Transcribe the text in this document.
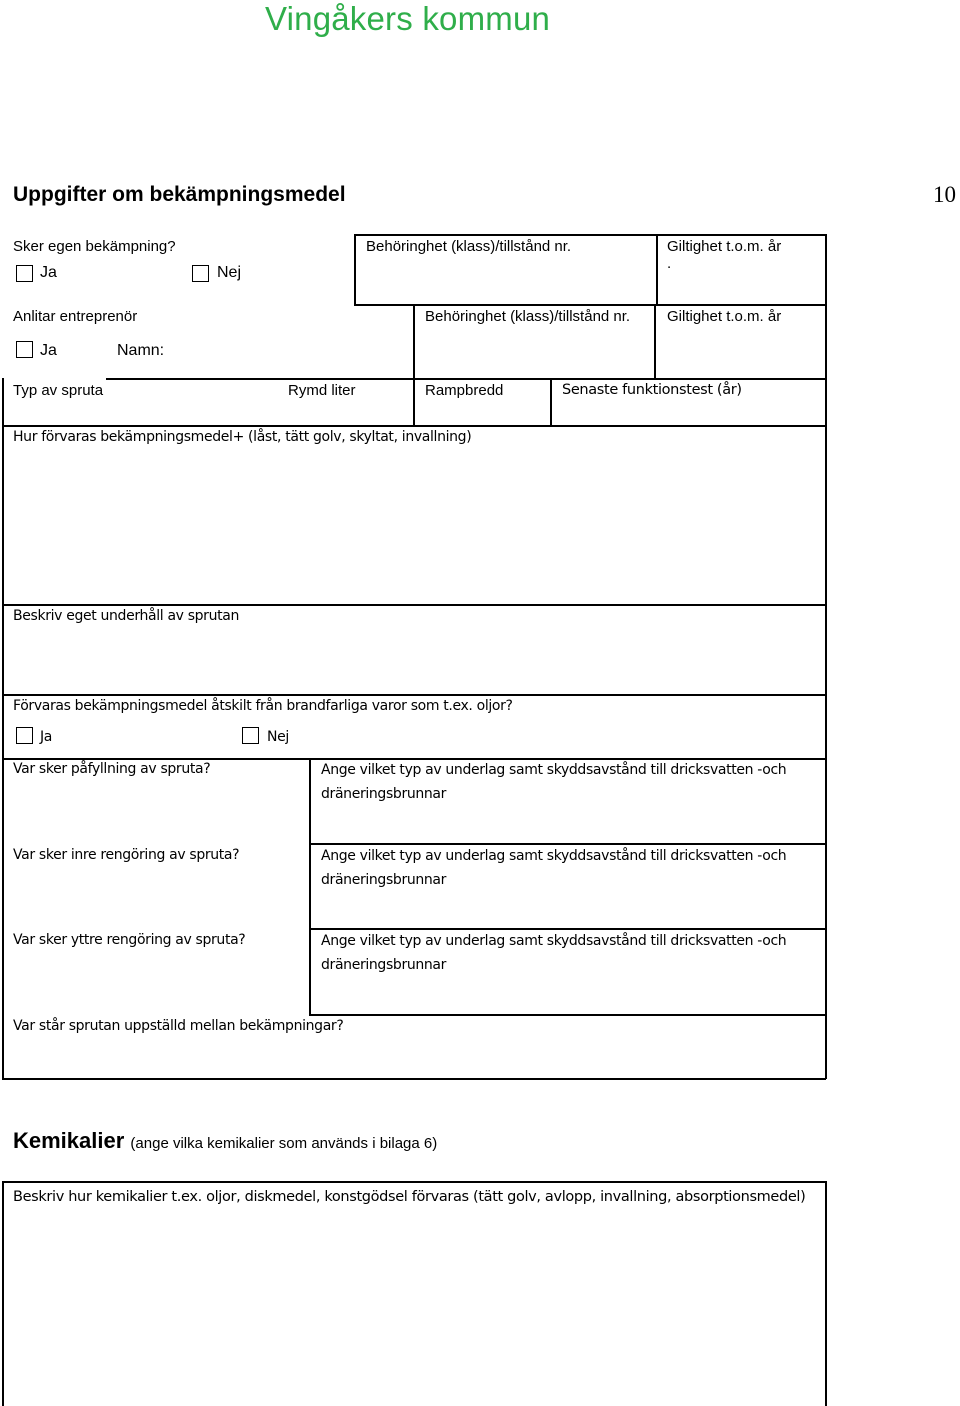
Vingåkers kommun
Uppgifter om bekämpningsmedel	10
Sker egen bekämpning?
Ja	Nej
Behöringhet (klass)/tillstånd nr.	Giltighet t.o.m. år
.
Anlitar entreprenör
Ja	Namn:
Behöringhet (klass)/tillstånd nr. Giltighet t.o.m. år
Typ av spruta	Rymd liter	Rampbredd	Senaste funktionstest (år)
Hur förvaras bekämpningsmedel+ (låst, tätt golv, skyltat, invallning)
Beskriv eget underhåll av sprutan
Förvaras bekämpningsmedel åtskilt från brandfarliga varor som t.ex. oljor?
Ja	Nej
Var sker påfyllning av spruta?	Ange vilket typ av underlag samt skyddsavstånd till dricksvatten -och dräneringsbrunnar
Var sker inre rengöring av spruta?	Ange vilket typ av underlag samt skyddsavstånd till dricksvatten -och dräneringsbrunnar
Var sker yttre rengöring av spruta?	Ange vilket typ av underlag samt skyddsavstånd till dricksvatten -och dräneringsbrunnar
Var står sprutan uppställd mellan bekämpningar?
Kemikalier (ange vilka kemikalier som används i bilaga 6)
Beskriv hur kemikalier t.ex. oljor, diskmedel, konstgödsel förvaras (tätt golv, avlopp, invallning, absorptionsmedel)
